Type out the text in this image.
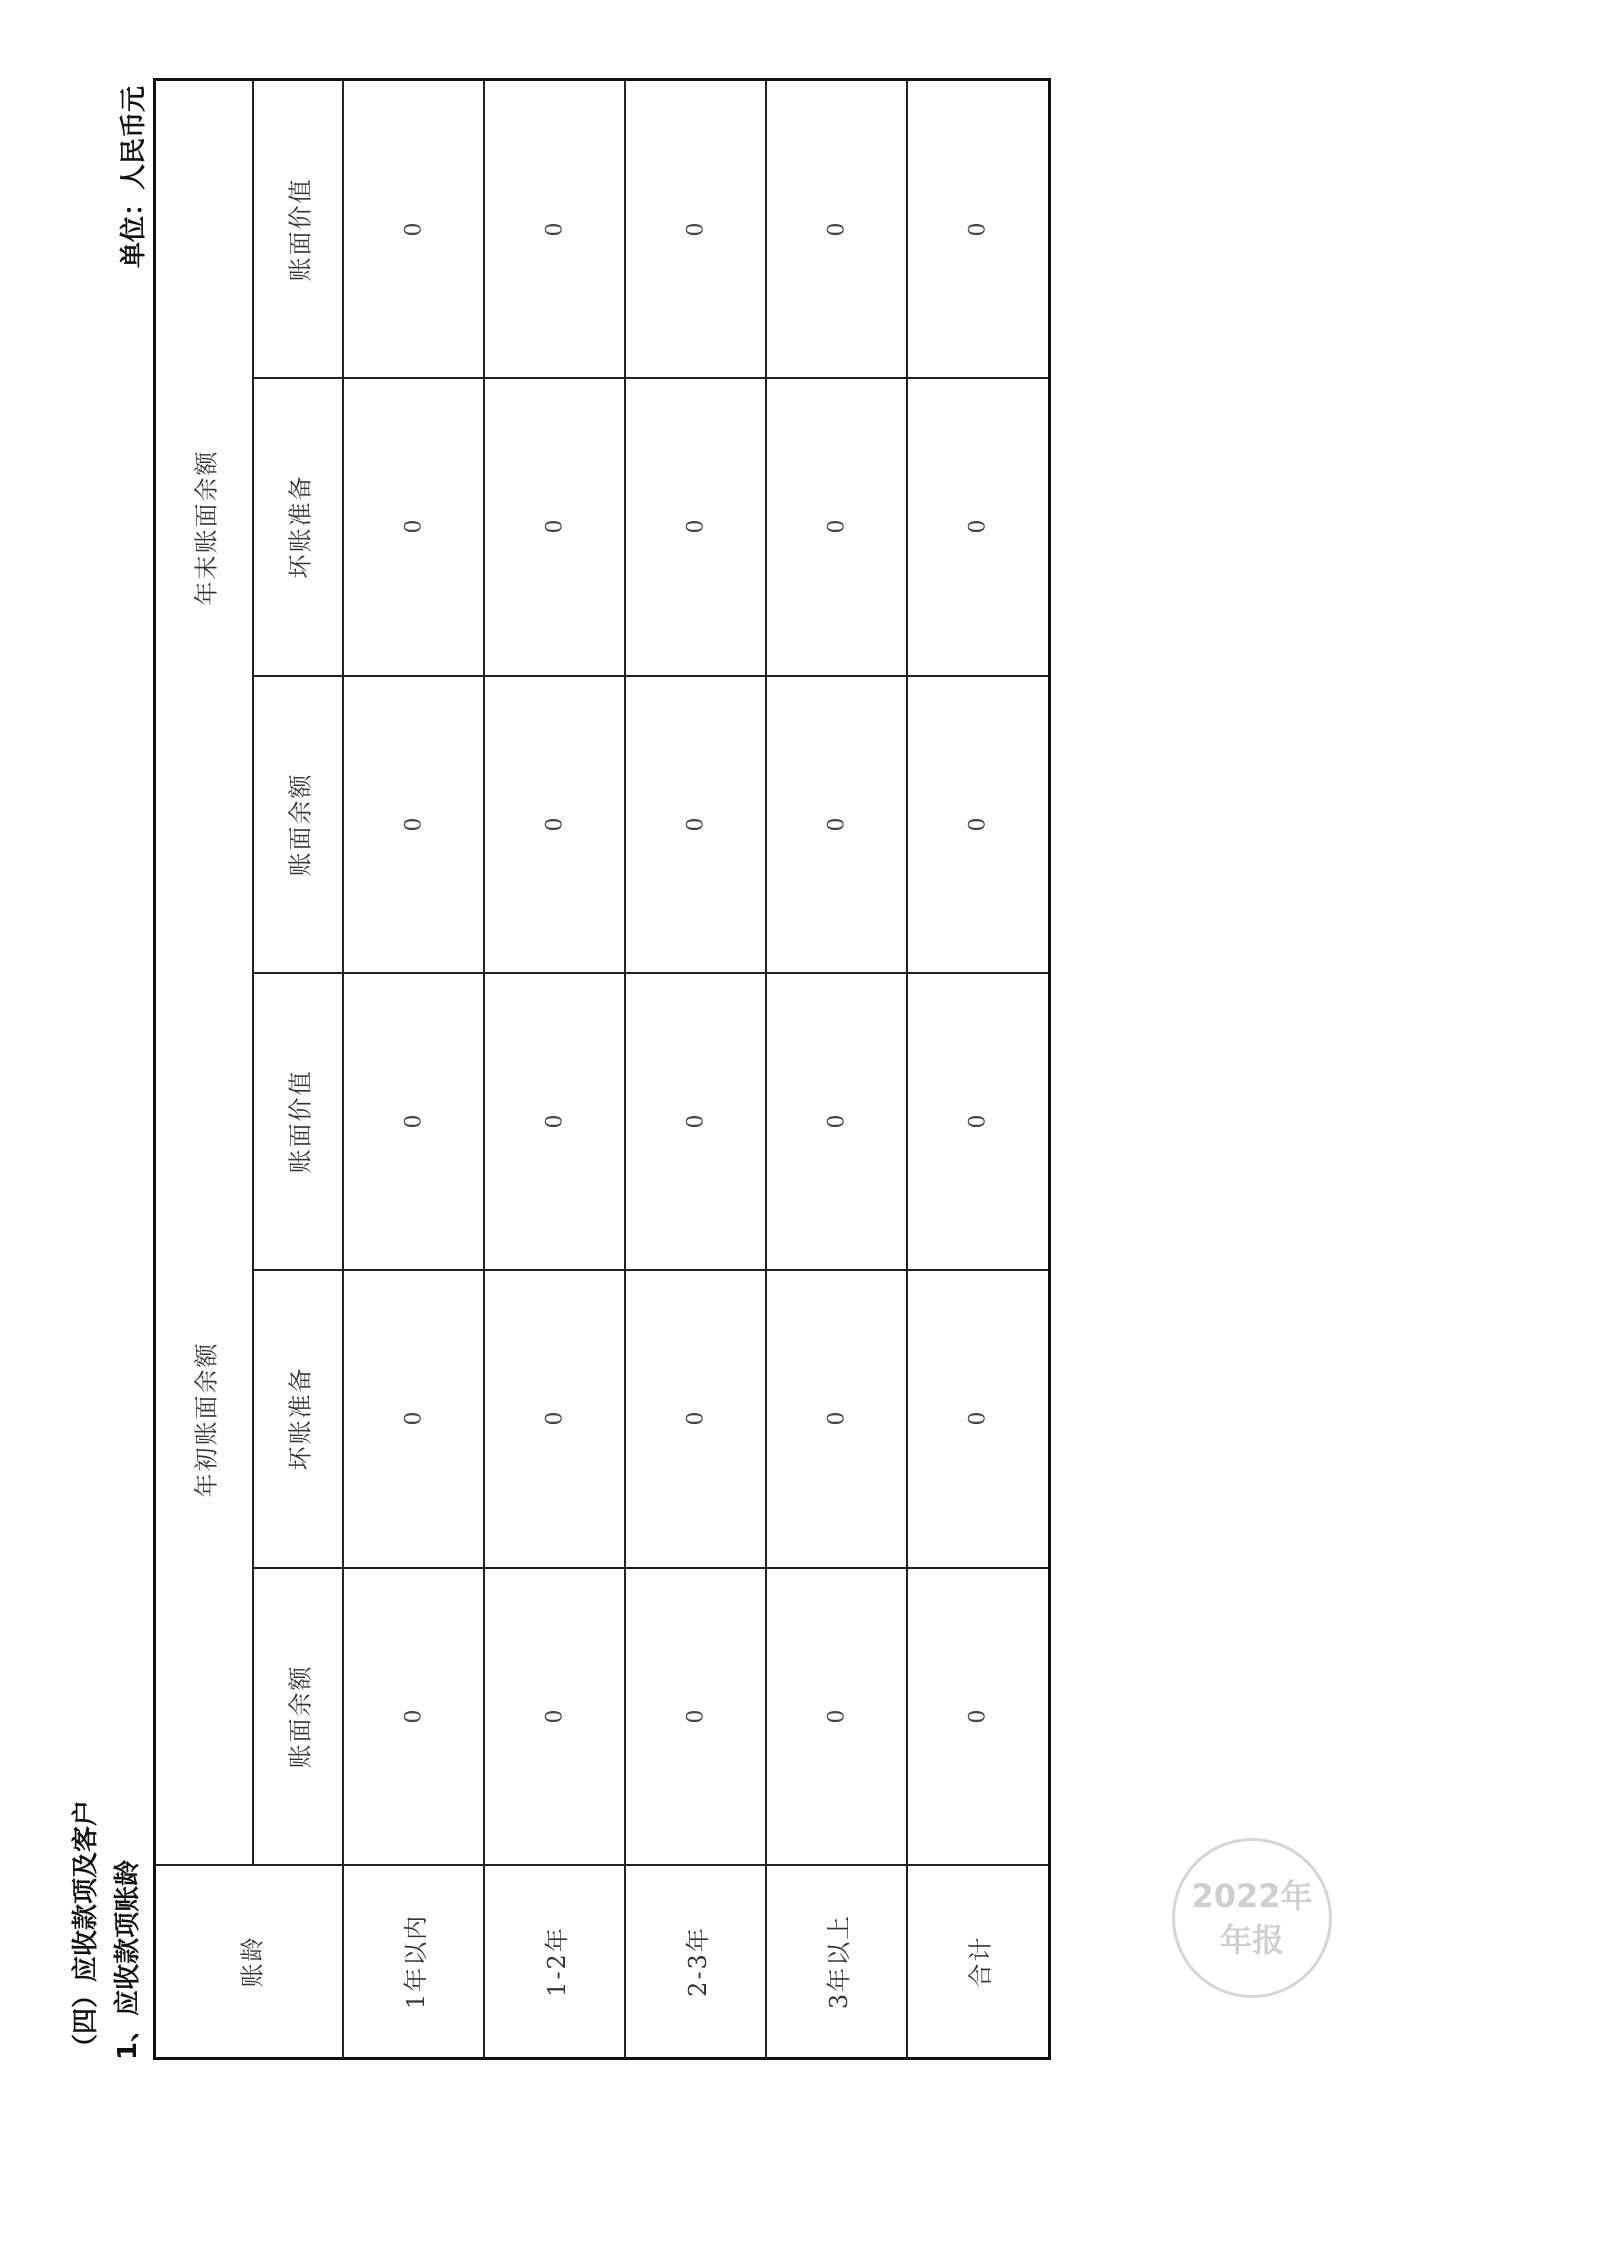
（四）应收款项及客户 1、应收款项账龄
单位：人民币元
账龄
年末账面余额
年初账面余额
账面价值
坏账准备
账面余额
账面价值
坏账准备
账面余额
1年以内
0
0
0
0
0
0
1-2年
0
0
0
0
0
0
2-3年
0
0
0
0
0
0
3年以上
0
0
0
0
0
0
合计
0
0
0
0
0
0
2022年
年报
